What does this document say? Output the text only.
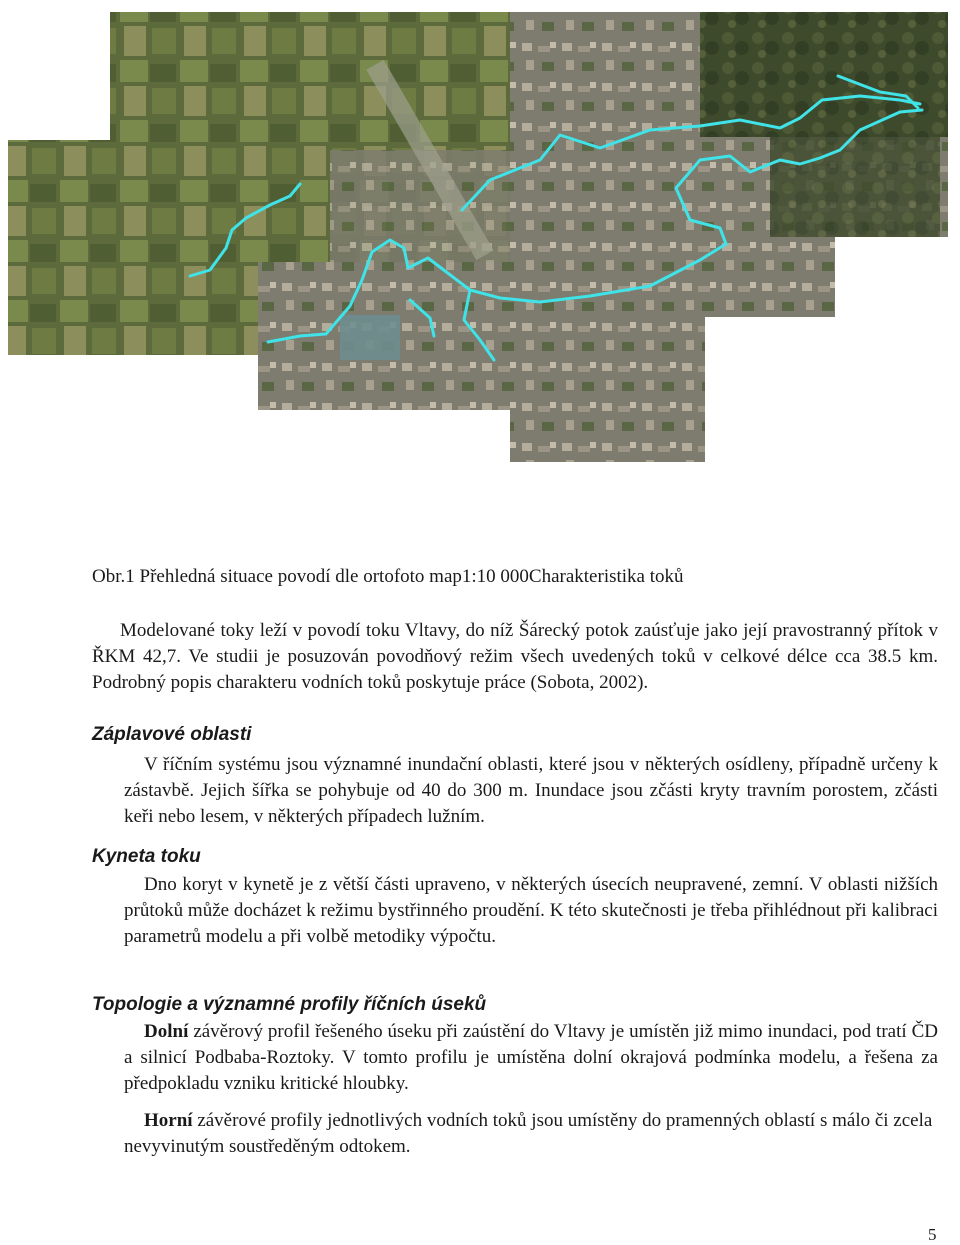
Obr.1 Přehledná situace povodí dle ortofoto map1:10 000Charakteristika toků

Modelované toky leží v povodí toku Vltavy, do níž Šárecký potok zaúsťuje jako její pravostranný přítok v ŘKM 42,7. Ve studii je posuzován povodňový režim všech uvedených toků v celkové délce cca 38.5 km. Podrobný popis charakteru vodních toků poskytuje práce (Sobota, 2002).

Záplavové oblasti

V říčním systému jsou významné inundační oblasti, které jsou v některých osídleny, případně určeny k zástavbě. Jejich šířka se pohybuje od 40 do 300 m. Inundace jsou zčásti kryty travním porostem, zčásti keři nebo lesem, v některých případech lužním.

Kyneta toku

Dno koryt v kynetě je z větší části upraveno, v některých úsecích neupravené, zemní. V oblasti nižších průtoků může docházet k režimu bystřinného proudění. K této skutečnosti je třeba přihlédnout při kalibraci parametrů modelu a při volbě metodiky výpočtu.

Topologie a významné profily říčních úseků

Dolní závěrový profil řešeného úseku při zaústění do Vltavy je umístěn již mimo inundaci, pod tratí ČD a silnicí Podbaba-Roztoky. V tomto profilu je umístěna dolní okrajová podmínka modelu, a řešena za předpokladu vzniku kritické hloubky.

Horní závěrové profily jednotlivých vodních toků jsou umístěny do pramenných oblastí s málo či zcela nevyvinutým soustředěným odtokem.

5
